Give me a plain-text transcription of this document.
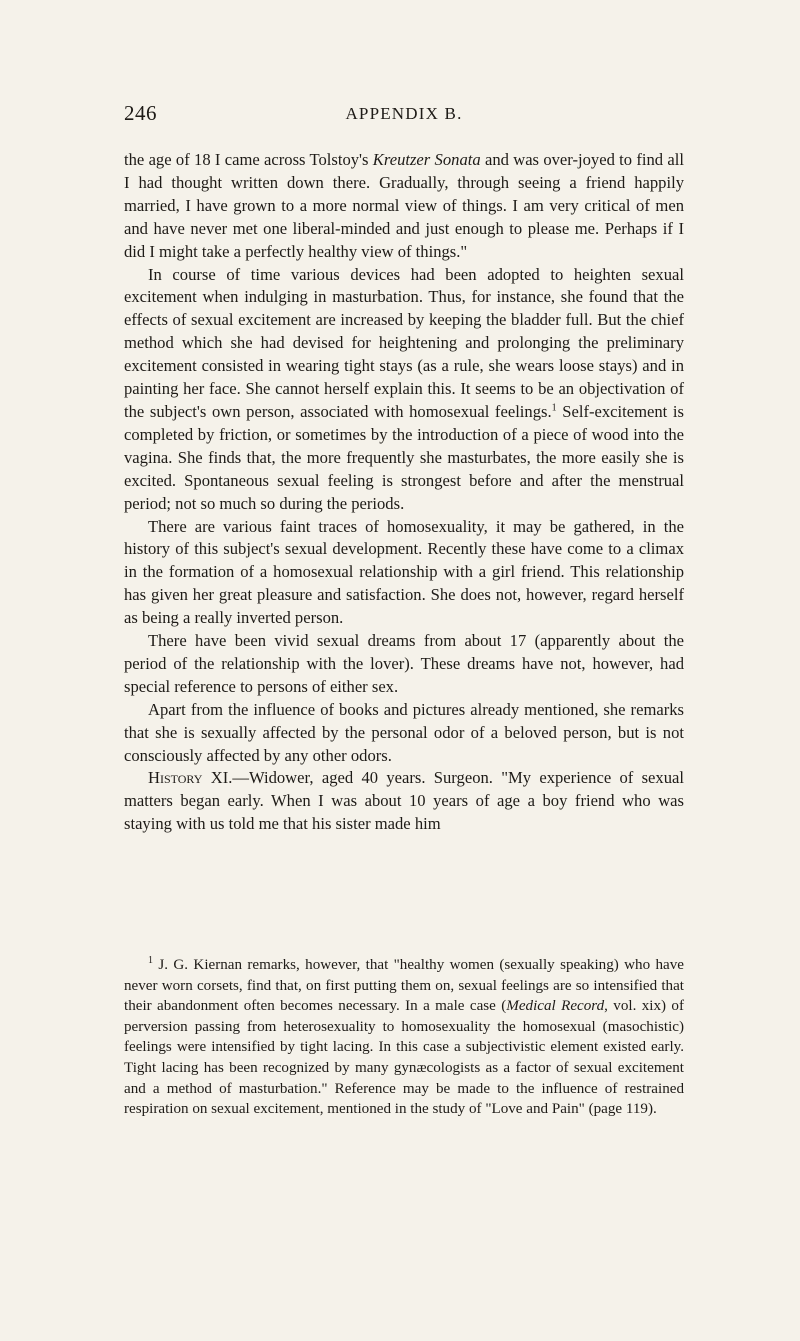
246	APPENDIX B.

the age of 18 I came across Tolstoy's Kreutzer Sonata and was over-joyed to find all I had thought written down there. Gradually, through seeing a friend happily married, I have grown to a more normal view of things. I am very critical of men and have never met one liberal-minded and just enough to please me. Perhaps if I did I might take a perfectly healthy view of things."

In course of time various devices had been adopted to heighten sexual excitement when indulging in masturbation. Thus, for instance, she found that the effects of sexual excitement are increased by keeping the bladder full. But the chief method which she had devised for heightening and prolonging the preliminary excitement consisted in wearing tight stays (as a rule, she wears loose stays) and in painting her face. She cannot herself explain this. It seems to be an objectivation of the subject's own person, associated with homosexual feelings.$^1$ Self-excitement is completed by friction, or sometimes by the introduction of a piece of wood into the vagina. She finds that, the more frequently she masturbates, the more easily she is excited. Spontaneous sexual feeling is strongest before and after the menstrual period; not so much so during the periods.

There are various faint traces of homosexuality, it may be gathered, in the history of this subject's sexual development. Recently these have come to a climax in the formation of a homosexual relationship with a girl friend. This relationship has given her great pleasure and satisfaction. She does not, however, regard herself as being a really inverted person.

There have been vivid sexual dreams from about 17 (apparently about the period of the relationship with the lover). These dreams have not, however, had special reference to persons of either sex.

Apart from the influence of books and pictures already mentioned, she remarks that she is sexually affected by the personal odor of a beloved person, but is not consciously affected by any other odors.

History XI.—Widower, aged 40 years. Surgeon. "My experience of sexual matters began early. When I was about 10 years of age a boy friend who was staying with us told me that his sister made him

$^1$ J. G. Kiernan remarks, however, that "healthy women (sexually speaking) who have never worn corsets, find that, on first putting them on, sexual feelings are so intensified that their abandonment often becomes necessary. In a male case (Medical Record, vol. xix) of perversion passing from heterosexuality to homosexuality the homosexual (masochistic) feelings were intensified by tight lacing. In this case a subjectivistic element existed early. Tight lacing has been recognized by many gynæcologists as a factor of sexual excitement and a method of masturbation." Reference may be made to the influence of restrained respiration on sexual excitement, mentioned in the study of "Love and Pain" (page 119).
